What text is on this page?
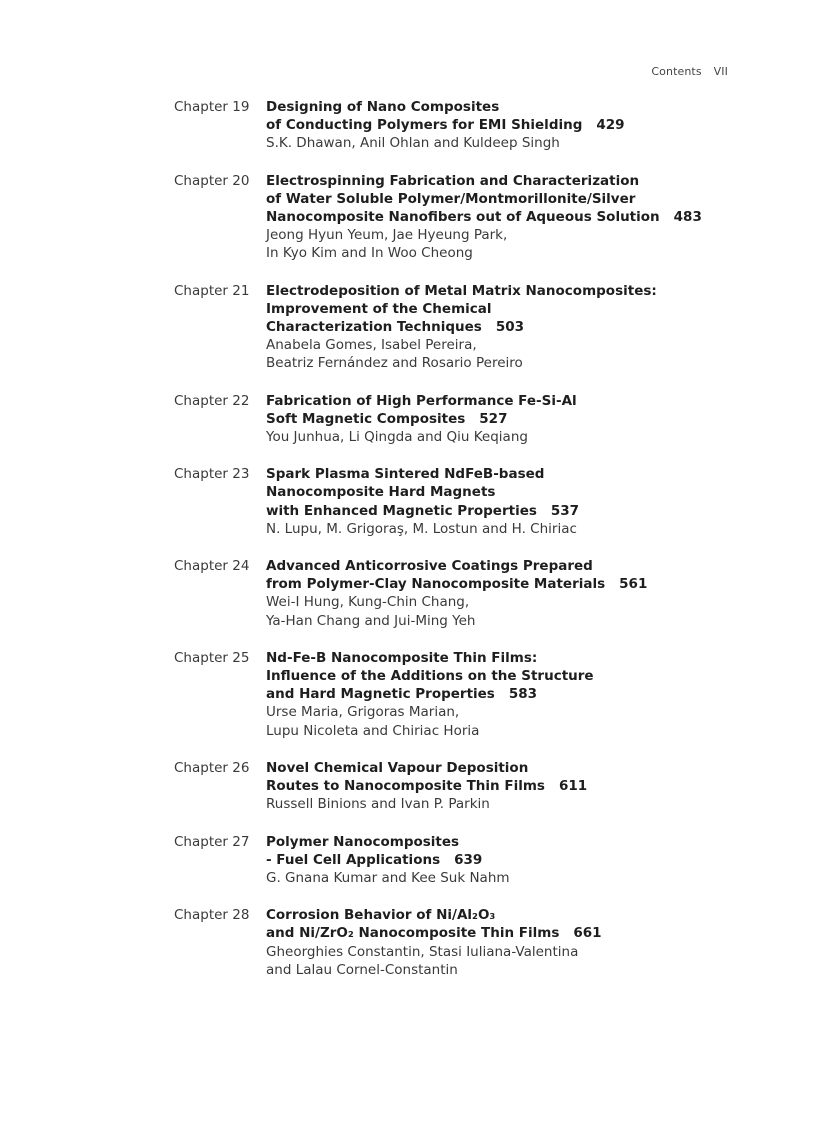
Contents VII
Chapter 19	Designing of Nano Composites
of Conducting Polymers for EMI Shielding 429
S.K. Dhawan, Anil Ohlan and Kuldeep Singh
Chapter 20	Electrospinning Fabrication and Characterization
of Water Soluble Polymer/Montmorillonite/Silver
Nanocomposite Nanofibers out of Aqueous Solution 483
Jeong Hyun Yeum, Jae Hyeung Park,
In Kyo Kim and In Woo Cheong
Chapter 21	Electrodeposition of Metal Matrix Nanocomposites:
Improvement of the Chemical
Characterization Techniques 503
Anabela Gomes, Isabel Pereira,
Beatriz Fernández and Rosario Pereiro
Chapter 22	Fabrication of High Performance Fe-Si-Al
Soft Magnetic Composites 527
You Junhua, Li Qingda and Qiu Keqiang
Chapter 23	Spark Plasma Sintered NdFeB-based
Nanocomposite Hard Magnets
with Enhanced Magnetic Properties 537
N. Lupu, M. Grigoraş, M. Lostun and H. Chiriac
Chapter 24	Advanced Anticorrosive Coatings Prepared
from Polymer-Clay Nanocomposite Materials 561
Wei-I Hung, Kung-Chin Chang,
Ya-Han Chang and Jui-Ming Yeh
Chapter 25	Nd-Fe-B Nanocomposite Thin Films:
Influence of the Additions on the Structure
and Hard Magnetic Properties 583
Urse Maria, Grigoras Marian,
Lupu Nicoleta and Chiriac Horia
Chapter 26	Novel Chemical Vapour Deposition
Routes to Nanocomposite Thin Films 611
Russell Binions and Ivan P. Parkin
Chapter 27	Polymer Nanocomposites
- Fuel Cell Applications 639
G. Gnana Kumar and Kee Suk Nahm
Chapter 28	Corrosion Behavior of Ni/Al₂O₃
and Ni/ZrO₂ Nanocomposite Thin Films 661
Gheorghies Constantin, Stasi Iuliana-Valentina
and Lalau Cornel-Constantin
